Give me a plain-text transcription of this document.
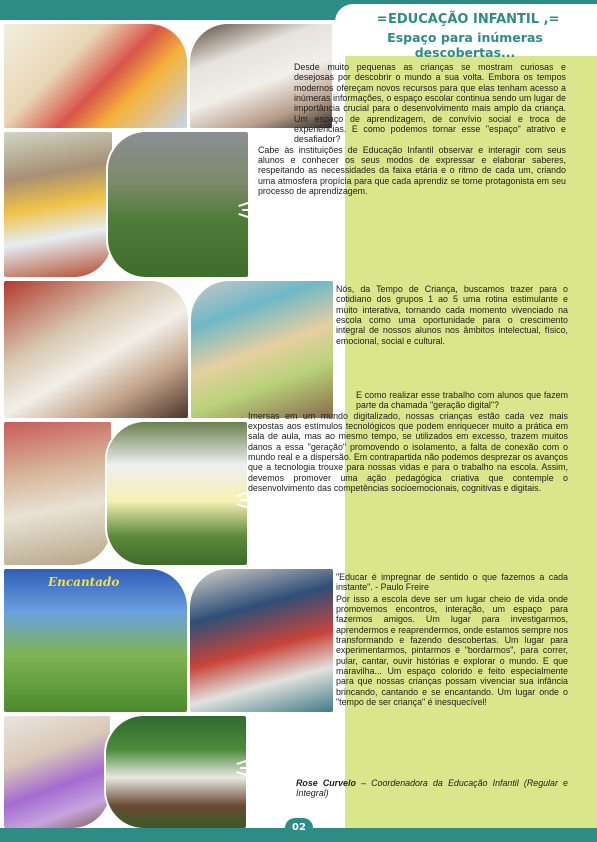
Encantado
= EDUCAÇÃO INFANTIL ,=
Espaço para inúmeras descobertas...

Desde muito pequenas as crianças se mostram curiosas e desejosas por descobrir o mundo a sua volta. Embora os tempos modernos ofereçam novos recursos para que elas tenham acesso a inúmeras informações, o espaço escolar continua sendo um lugar de importância crucial para o desenvolvimento mais amplo da criança. Um espaço de aprendizagem, de convívio social e troca de experiências. E como podemos tornar esse "espaço" atrativo e desafiador?

Cabe às instituições de Educação Infantil observar e interagir com seus alunos e conhecer os seus modos de expressar e elaborar saberes, respeitando as necessidades da faixa etária e o ritmo de cada um, criando uma atmosfera propícia para que cada aprendiz se torne protagonista em seu processo de aprendizagem.

Nós, da Tempo de Criança, buscamos trazer para o cotidiano dos grupos 1 ao 5 uma rotina estimulante e muito interativa, tornando cada momento vivenciado na escola como uma oportunidade para o crescimento integral de nossos alunos nos âmbitos intelectual, físico, emocional, social e cultural.

E como realizar esse trabalho com alunos que fazem parte da chamada "geração digital"?

Imersas em um mundo digitalizado, nossas crianças estão cada vez mais expostas aos estímulos tecnológicos que podem enriquecer muito a prática em sala de aula, mas ao mesmo tempo, se utilizados em excesso, trazem muitos danos a essa "geração" promovendo o isolamento, a falta de conexão com o mundo real e a dispersão. Em contrapartida não podemos desprezar os avanços que a tecnologia trouxe para nossas vidas e para o trabalho na escola. Assim, devemos promover uma ação pedagógica criativa que contemple o desenvolvimento das competências socioemocionais, cognitivas e digitais.

"Educar é impregnar de sentido o que fazemos a cada instante". - Paulo Freire

Por isso a escola deve ser um lugar cheio de vida onde promovemos encontros, interação, um espaço para fazermos amigos. Um lugar para investigarmos, aprendermos e reaprendermos, onde estamos sempre nos transformando e fazendo descobertas. Um lugar para experimentarmos, pintarmos e "bordarmos", para correr, pular, cantar, ouvir histórias e explorar o mundo. E que maravilha... Um espaço colorido e feito especialmente para que nossas crianças possam vivenciar sua infância brincando, cantando e se encantando. Um lugar onde o "tempo de ser criança" é inesquecível!

Rose Curvelo – Coordenadora da Educação Infantil (Regular e Integral)

02
